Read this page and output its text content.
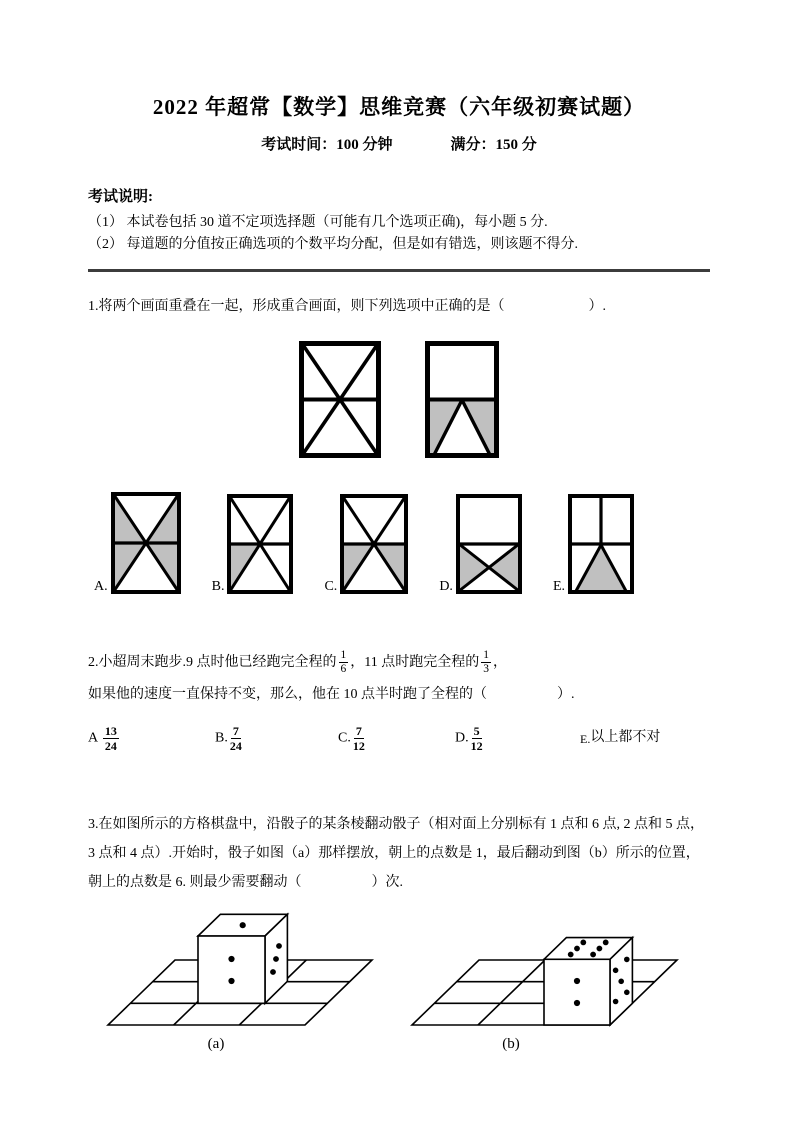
2022 年超常【数学】思维竞赛（六年级初赛试题）
考试时间：100 分钟	满分：150 分
考试说明:
（1） 本试卷包括 30 道不定项选择题（可能有几个选项正确)，每小题 5 分.
（2） 每道题的分值按正确选项的个数平均分配，但是如有错选，则该题不得分.
1.将两个画面重叠在一起，形成重合画面，则下列选项中正确的是（　　　　　　）.
A.	B.	C.	D.	E.
2.小超周末跑步.9 点时他已经跑完全程的 $\frac{1}{6}$ ，11 点时跑完全程的 $\frac{1}{3}$ ，
如果他的速度一直保持不变，那么，他在 10 点半时跑了全程的（　　　　　）.
A $\frac{13}{24}$	B. $\frac{7}{24}$	C. $\frac{7}{12}$	D. $\frac{5}{12}$	E.以上都不对
3.在如图所示的方格棋盘中，沿骰子的某条棱翻动骰子（相对面上分别标有 1 点和 6 点, 2 点和 5 点，
3 点和 4 点）.开始时，骰子如图（a）那样摆放，朝上的点数是 1，最后翻动到图（b）所示的位置，
朝上的点数是 6. 则最少需要翻动（　　　　　）次.
(a)	(b)
